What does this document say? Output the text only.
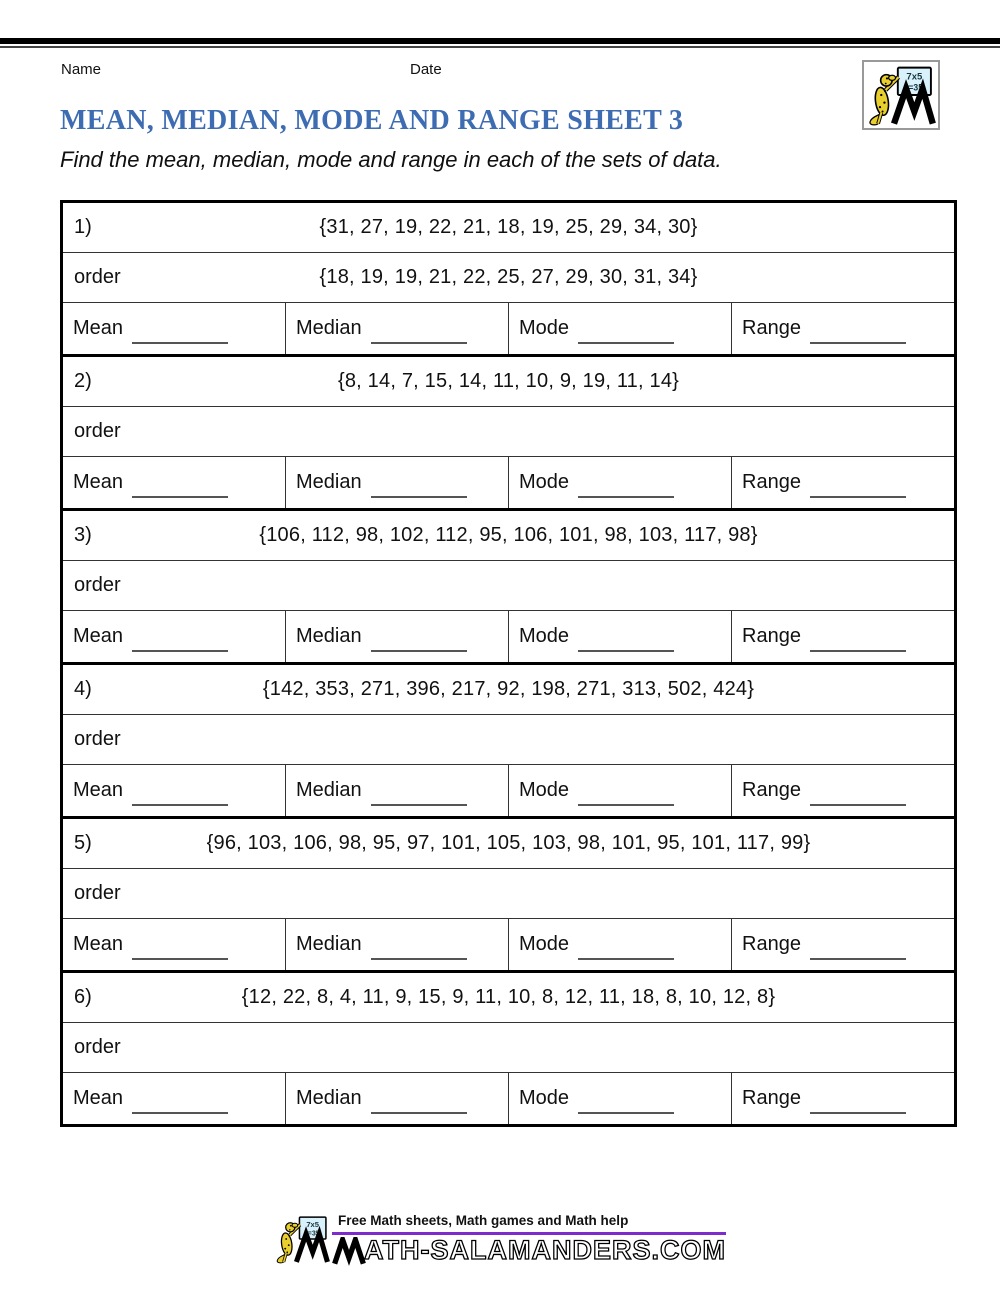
Name	Date
MEAN, MEDIAN, MODE AND RANGE SHEET 3
Find the mean, median, mode and range in each of the sets of data.
1)	{31, 27, 19, 22, 21, 18, 19, 25, 29, 34, 30}
order	{18, 19, 19, 21, 22, 25, 27, 29, 30, 31, 34}
Mean	Median	Mode	Range
2)	{8, 14, 7, 15, 14, 11, 10, 9, 19, 11, 14}
order
Mean	Median	Mode	Range
3)	{106, 112, 98, 102, 112, 95, 106, 101, 98, 103, 117, 98}
order
Mean	Median	Mode	Range
4)	{142, 353, 271, 396, 217, 92, 198, 271, 313, 502, 424}
order
Mean	Median	Mode	Range
5)	{96, 103, 106, 98, 95, 97, 101, 105, 103, 98, 101, 95, 101, 117, 99}
order
Mean	Median	Mode	Range
6)	{12, 22, 8, 4, 11, 9, 15, 9, 11, 10, 8, 12, 11, 18, 8, 10, 12, 8}
order
Mean	Median	Mode	Range
Free Math sheets, Math games and Math help
ATH-SALAMANDERS.COM
